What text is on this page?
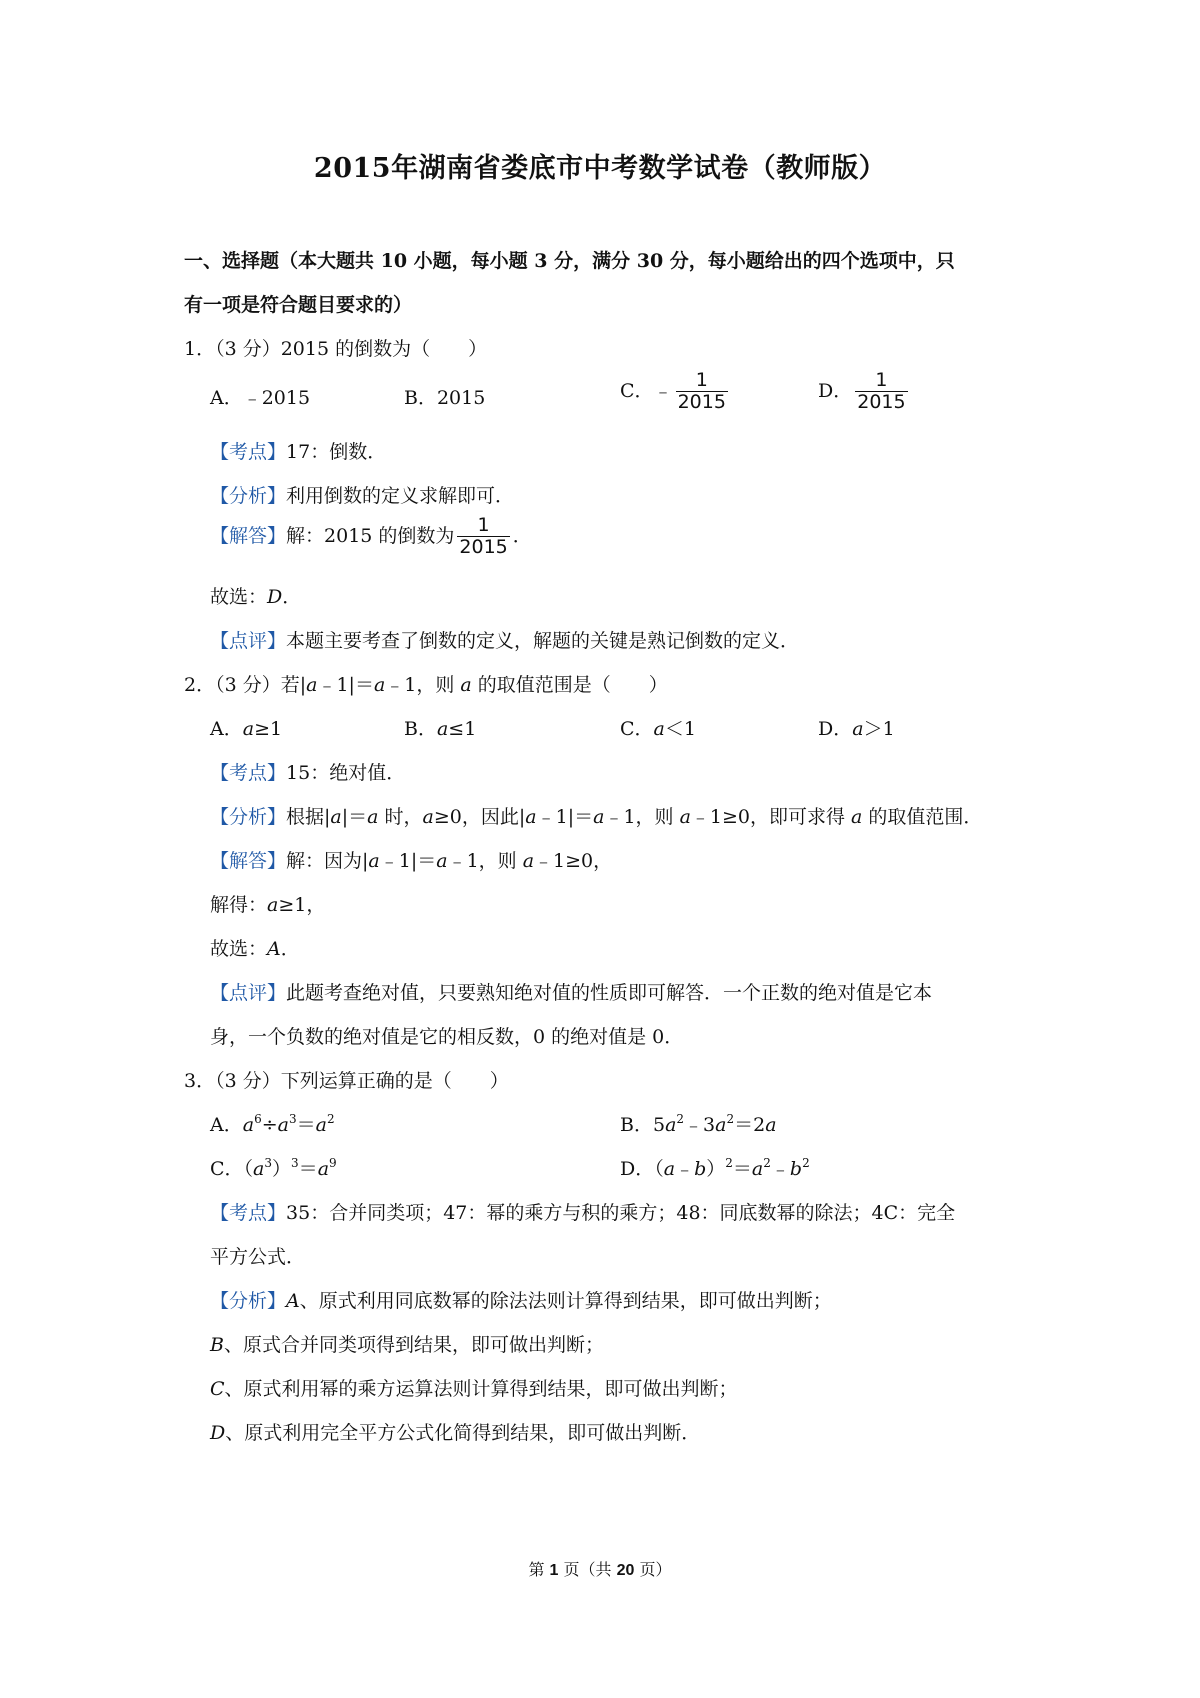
2015年湖南省娄底市中考数学试卷（教师版）
一、选择题（本大题共 10 小题，每小题 3 分，满分 30 分，每小题给出的四个选项中，只
有一项是符合题目要求的）
1．（3 分）2015 的倒数为（　　）
A．﹣2015	B．2015	C．﹣ $\frac{1}{2015}$	D． $\frac{1}{2015}$
【考点】17：倒数．
【分析】利用倒数的定义求解即可．
【解答】解：2015 的倒数为 $\frac{1}{2015}$ ．
故选：D．
【点评】本题主要考查了倒数的定义，解题的关键是熟记倒数的定义．
2．（3 分）若|a﹣1|＝a﹣1，则 a 的取值范围是（　　）
A．a≥1	B．a≤1	C．a＜1	D．a＞1
【考点】15：绝对值．
【分析】根据|a|＝a 时，a≥0，因此|a﹣1|＝a﹣1，则 a﹣1≥0，即可求得 a 的取值范围．
【解答】解：因为|a﹣1|＝a﹣1，则 a﹣1≥0，
解得：a≥1，
故选：A．
【点评】此题考查绝对值，只要熟知绝对值的性质即可解答．一个正数的绝对值是它本
身，一个负数的绝对值是它的相反数，0 的绝对值是 0．
3．（3 分）下列运算正确的是（　　）
A．$a^6\div a^3=a^2$	B．$5a^2﹣3a^2=2a$
C．$(a^3)^3=a^9$	D．$(a﹣b)^2=a^2﹣b^2$
【考点】35：合并同类项；47：幂的乘方与积的乘方；48：同底数幂的除法；4C：完全
平方公式．
【分析】A、原式利用同底数幂的除法法则计算得到结果，即可做出判断；
B、原式合并同类项得到结果，即可做出判断；
C、原式利用幂的乘方运算法则计算得到结果，即可做出判断；
D、原式利用完全平方公式化简得到结果，即可做出判断．
第 1 页（共 20 页）
